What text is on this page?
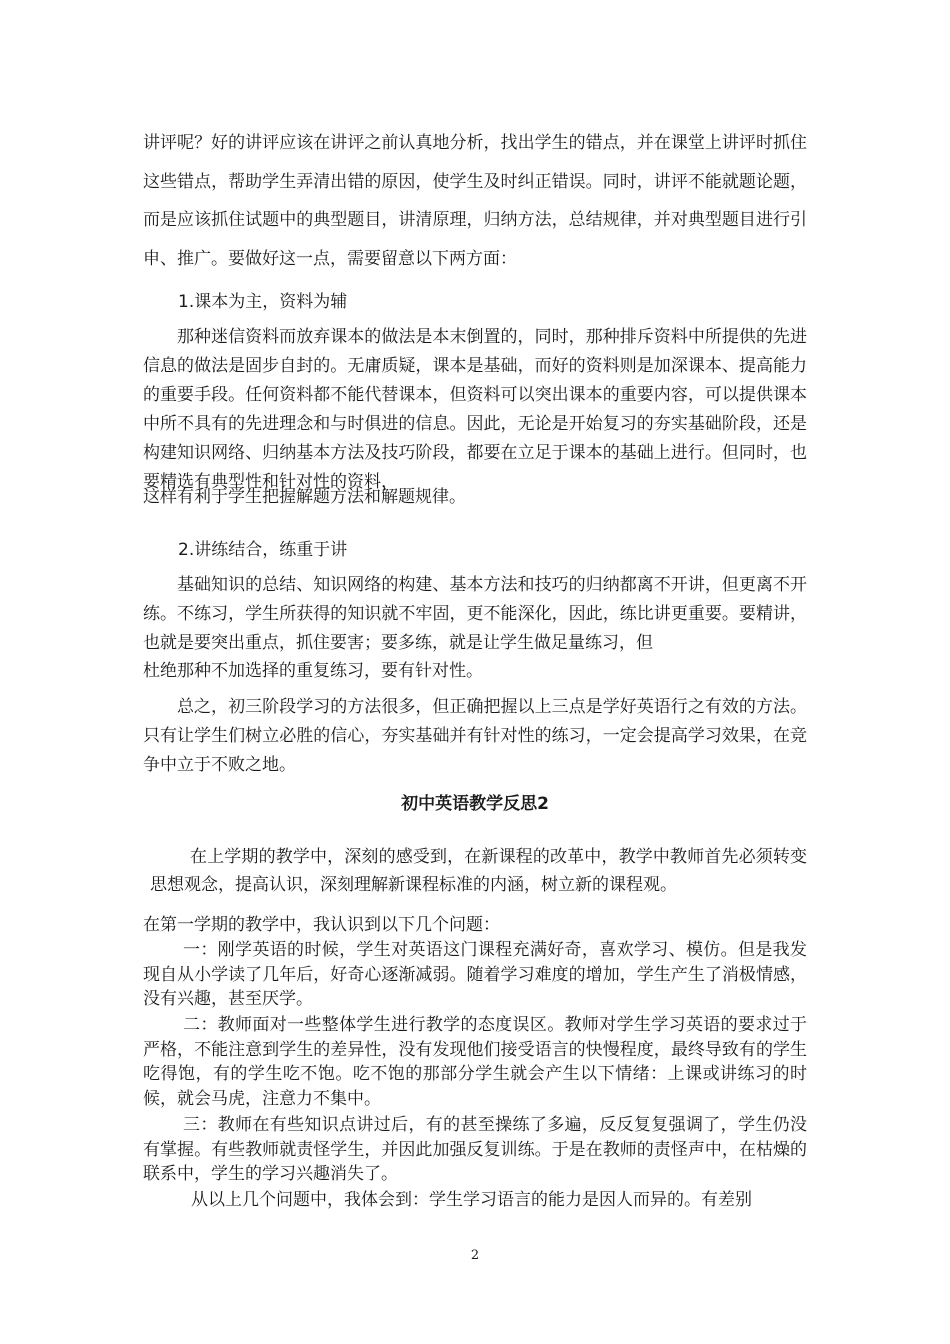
讲评呢？好的讲评应该在讲评之前认真地分析，找出学生的错点，并在课堂上讲评时抓住这些错点，帮助学生弄清出错的原因，使学生及时纠正错误。同时，讲评不能就题论题，而是应该抓住试题中的典型题目，讲清原理，归纳方法，总结规律，并对典型题目进行引申、推广。要做好这一点，需要留意以下两方面：

1.课本为主，资料为辅

那种迷信资料而放弃课本的做法是本末倒置的，同时，那种排斥资料中所提供的先进信息的做法是固步自封的。无庸质疑，课本是基础，而好的资料则是加深课本、提高能力的重要手段。任何资料都不能代替课本，但资料可以突出课本的重要内容，可以提供课本中所不具有的先进理念和与时俱进的信息。因此，无论是开始复习的夯实基础阶段，还是构建知识网络、归纳基本方法及技巧阶段，都要在立足于课本的基础上进行。但同时，也要精选有典型性和针对性的资料，

这样有利于学生把握解题方法和解题规律。

2.讲练结合，练重于讲

基础知识的总结、知识网络的构建、基本方法和技巧的归纳都离不开讲，但更离不开练。不练习，学生所获得的知识就不牢固，更不能深化，因此，练比讲更重要。要精讲，也就是要突出重点，抓住要害；要多练，就是让学生做足量练习，但

杜绝那种不加选择的重复练习，要有针对性。

总之，初三阶段学习的方法很多，但正确把握以上三点是学好英语行之有效的方法。只有让学生们树立必胜的信心，夯实基础并有针对性的练习，一定会提高学习效果，在竞争中立于不败之地。

初中英语教学反思2

在上学期的教学中，深刻的感受到，在新课程的改革中，教学中教师首先必须转变思想观念，提高认识，深刻理解新课程标准的内涵，树立新的课程观。

在第一学期的教学中，我认识到以下几个问题：

一：刚学英语的时候，学生对英语这门课程充满好奇，喜欢学习、模仿。但是我发现自从小学读了几年后，好奇心逐渐减弱。随着学习难度的增加，学生产生了消极情感，没有兴趣，甚至厌学。

二：教师面对一些整体学生进行教学的态度误区。教师对学生学习英语的要求过于严格，不能注意到学生的差异性，没有发现他们接受语言的快慢程度，最终导致有的学生吃得饱，有的学生吃不饱。吃不饱的那部分学生就会产生以下情绪：上课或讲练习的时候，就会马虎，注意力不集中。

三：教师在有些知识点讲过后，有的甚至操练了多遍，反反复复强调了，学生仍没有掌握。有些教师就责怪学生，并因此加强反复训练。于是在教师的责怪声中，在枯燥的联系中，学生的学习兴趣消失了。

从以上几个问题中，我体会到：学生学习语言的能力是因人而异的。有差别

2
